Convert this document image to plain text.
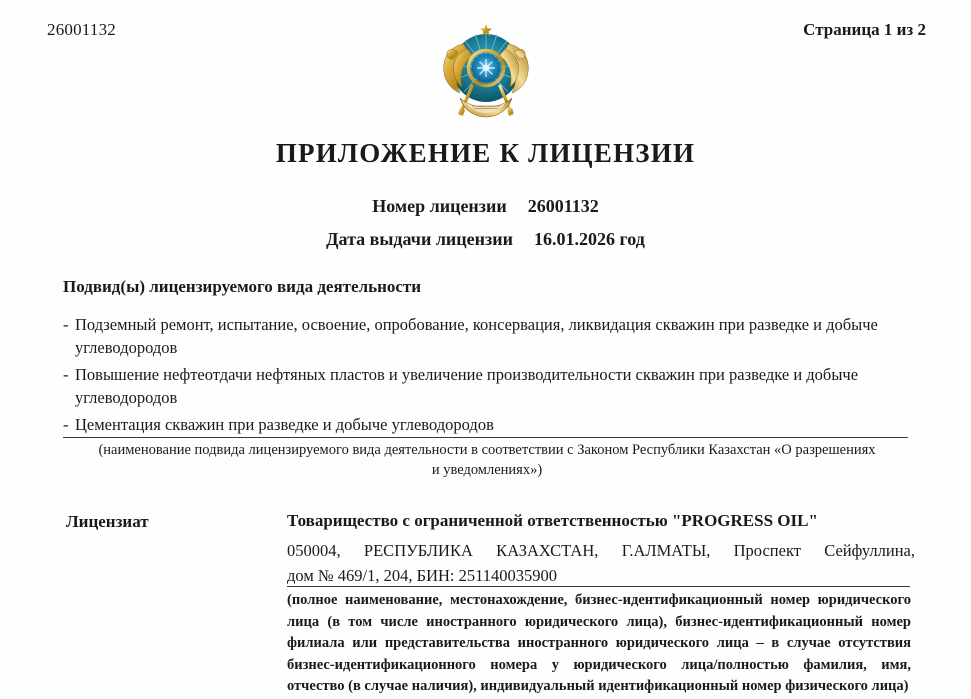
26001132	Страница 1 из 2
ПРИЛОЖЕНИЕ К ЛИЦЕНЗИИ
Номер лицензии 26001132
Дата выдачи лицензии 16.01.2026 год
Подвид(ы) лицензируемого вида деятельности
- Подземный ремонт, испытание, освоение, опробование, консервация, ликвидация скважин при разведке и добыче углеводородов
- Повышение нефтеотдачи нефтяных пластов и увеличение производительности скважин при разведке и добыче углеводородов
- Цементация скважин при разведке и добыче углеводородов
(наименование подвида лицензируемого вида деятельности в соответствии с Законом Республики Казахстан «О разрешениях
и уведомлениях»)
Лицензиат	Товарищество с ограниченной ответственностью "PROGRESS OIL"
050004, РЕСПУБЛИКА КАЗАХСТАН, Г.АЛМАТЫ, Проспект Сейфуллина,
дом № 469/1, 204, БИН: 251140035900
(полное наименование, местонахождение, бизнес-идентификационный номер юридического
лица (в том числе иностранного юридического лица), бизнес-идентификационный номер
филиала или представительства иностранного юридического лица – в случае отсутствия
бизнес-идентификационного номера у юридического лица/полностью фамилия, имя,
отчество (в случае наличия), индивидуальный идентификационный номер физического лица)
